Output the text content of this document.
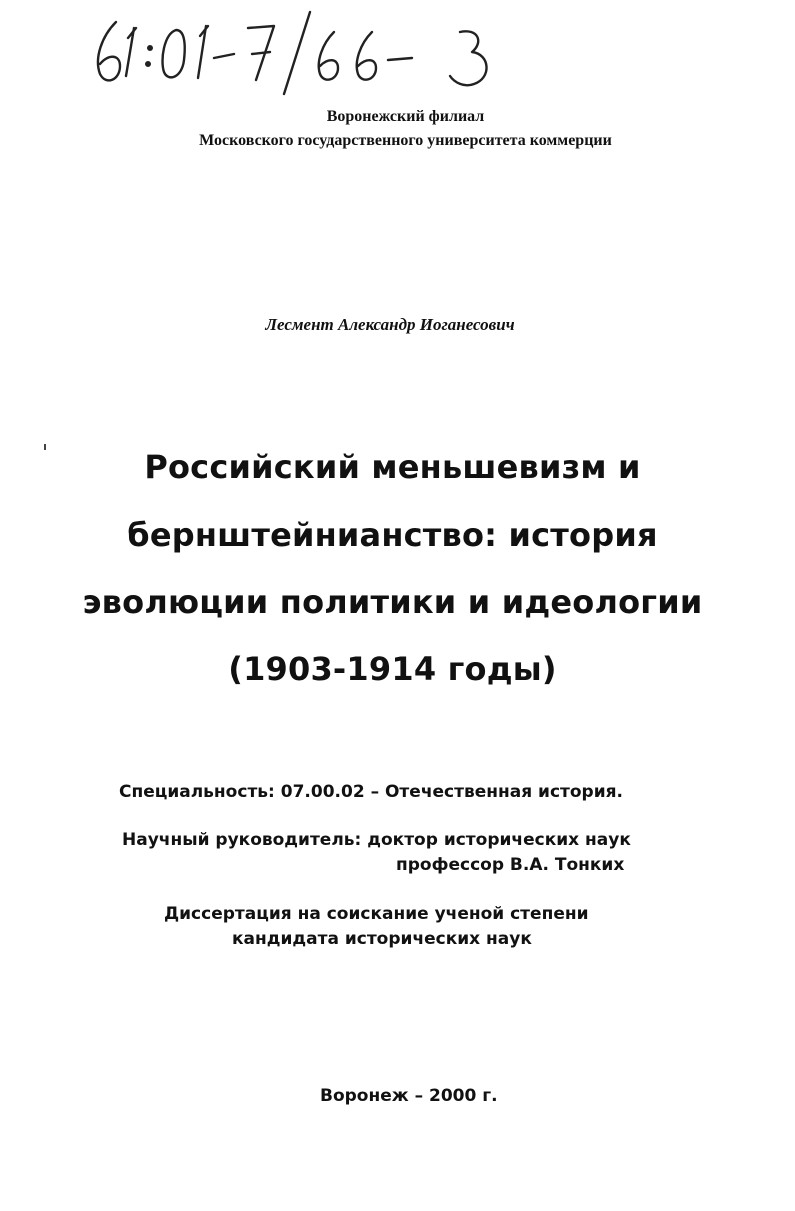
Воронежский филиал
Московского государственного университета коммерции
Лесмент Александр Иоганесович
Российский меньшевизм и
бернштейнианство: история
эволюции политики и идеологии
(1903-1914 годы)
Специальность: 07.00.02 – Отечественная история.
Научный руководитель: доктор исторических наук
профессор В.А. Тонких
Диссертация на соискание ученой степени
кандидата исторических наук
Воронеж – 2000 г.
